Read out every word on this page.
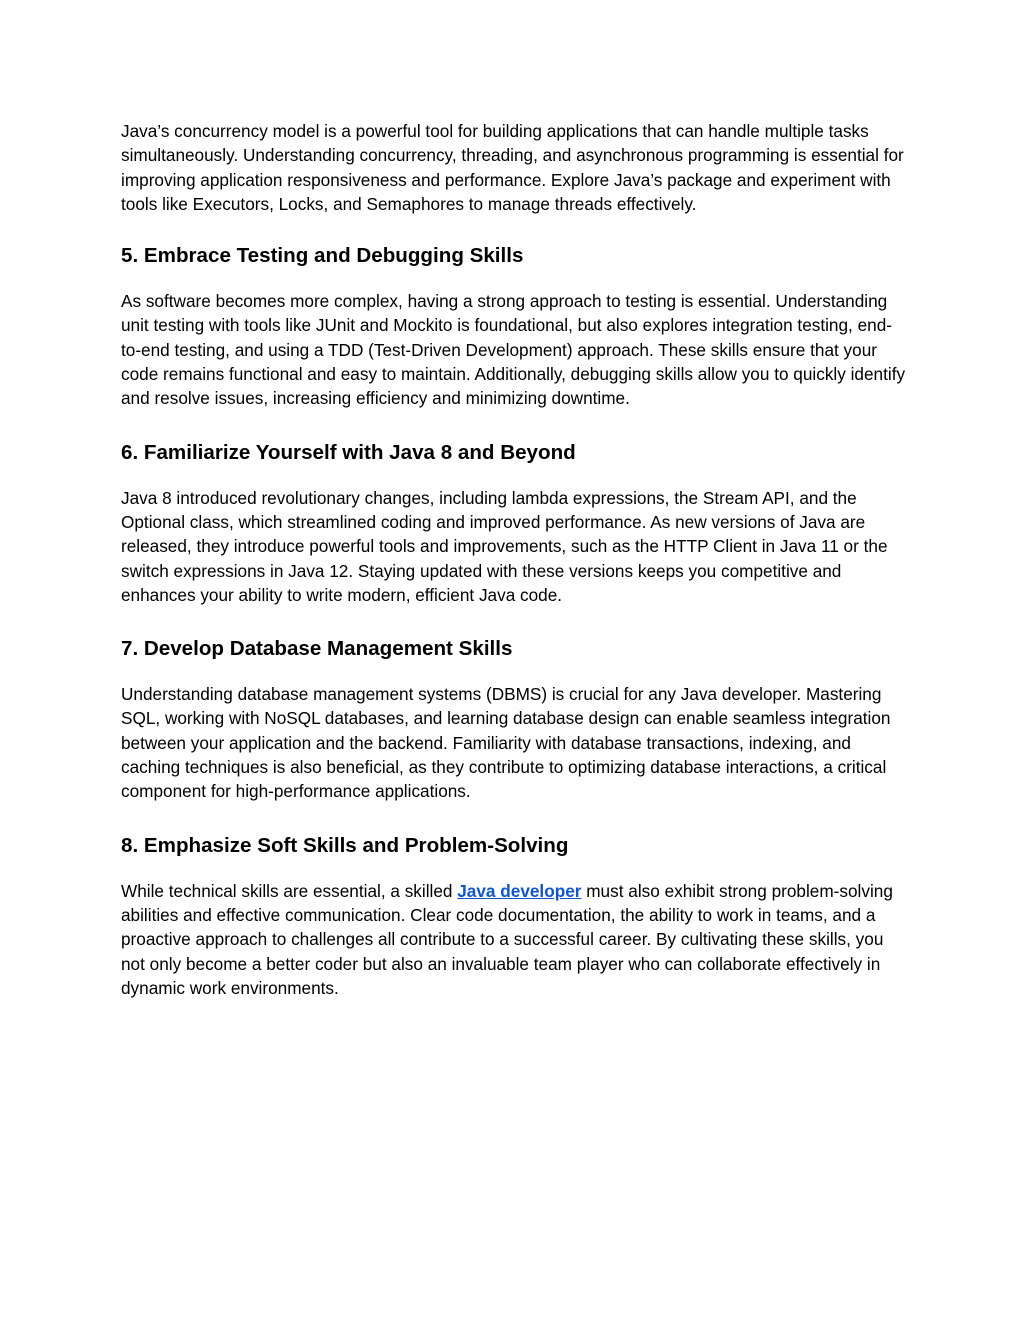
Java’s concurrency model is a powerful tool for building applications that can handle multiple tasks simultaneously. Understanding concurrency, threading, and asynchronous programming is essential for improving application responsiveness and performance. Explore Java’s package and experiment with tools like Executors, Locks, and Semaphores to manage threads effectively.

5. Embrace Testing and Debugging Skills

As software becomes more complex, having a strong approach to testing is essential. Understanding unit testing with tools like JUnit and Mockito is foundational, but also explores integration testing, end-to-end testing, and using a TDD (Test-Driven Development) approach. These skills ensure that your code remains functional and easy to maintain. Additionally, debugging skills allow you to quickly identify and resolve issues, increasing efficiency and minimizing downtime.

6. Familiarize Yourself with Java 8 and Beyond

Java 8 introduced revolutionary changes, including lambda expressions, the Stream API, and the Optional class, which streamlined coding and improved performance. As new versions of Java are released, they introduce powerful tools and improvements, such as the HTTP Client in Java 11 or the switch expressions in Java 12. Staying updated with these versions keeps you competitive and enhances your ability to write modern, efficient Java code.

7. Develop Database Management Skills

Understanding database management systems (DBMS) is crucial for any Java developer. Mastering SQL, working with NoSQL databases, and learning database design can enable seamless integration between your application and the backend. Familiarity with database transactions, indexing, and caching techniques is also beneficial, as they contribute to optimizing database interactions, a critical component for high-performance applications.

8. Emphasize Soft Skills and Problem-Solving

While technical skills are essential, a skilled Java developer must also exhibit strong problem-solving abilities and effective communication. Clear code documentation, the ability to work in teams, and a proactive approach to challenges all contribute to a successful career. By cultivating these skills, you not only become a better coder but also an invaluable team player who can collaborate effectively in dynamic work environments.
